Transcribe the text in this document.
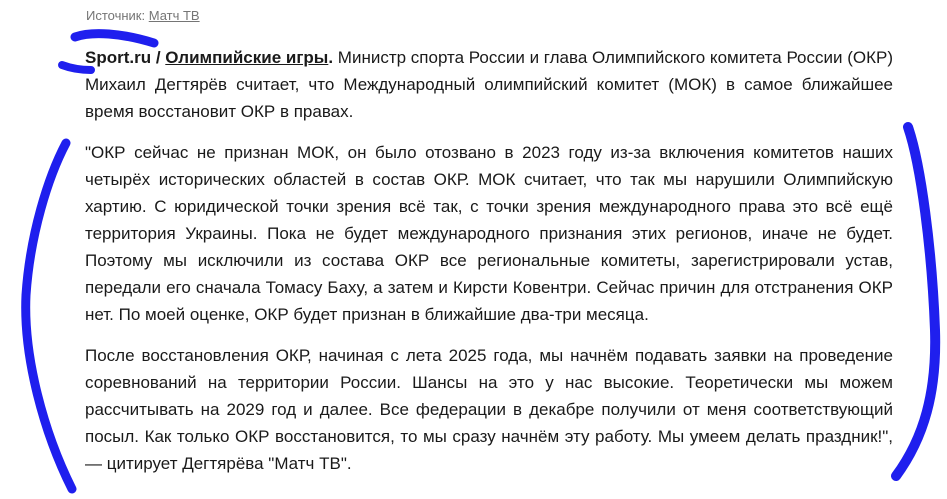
Источник: Матч ТВ

Sport.ru / Олимпийские игры. Министр спорта России и глава Олимпийского комитета России (ОКР) Михаил Дегтярёв считает, что Международный олимпийский комитет (МОК) в самое ближайшее время восстановит ОКР в правах.

"ОКР сейчас не признан МОК, он было отозвано в 2023 году из-за включения комитетов наших четырёх исторических областей в состав ОКР. МОК считает, что так мы нарушили Олимпийскую хартию. С юридической точки зрения всё так, с точки зрения международного права это всё ещё территория Украины. Пока не будет международного признания этих регионов, иначе не будет. Поэтому мы исключили из состава ОКР все региональные комитеты, зарегистрировали устав, передали его сначала Томасу Баху, а затем и Кирсти Ковентри. Сейчас причин для отстранения ОКР нет. По моей оценке, ОКР будет признан в ближайшие два-три месяца.

После восстановления ОКР, начиная с лета 2025 года, мы начнём подавать заявки на проведение соревнований на территории России. Шансы на это у нас высокие. Теоретически мы можем рассчитывать на 2029 год и далее. Все федерации в декабре получили от меня соответствующий посыл. Как только ОКР восстановится, то мы сразу начнём эту работу. Мы умеем делать праздник!", — цитирует Дегтярёва "Матч ТВ".
